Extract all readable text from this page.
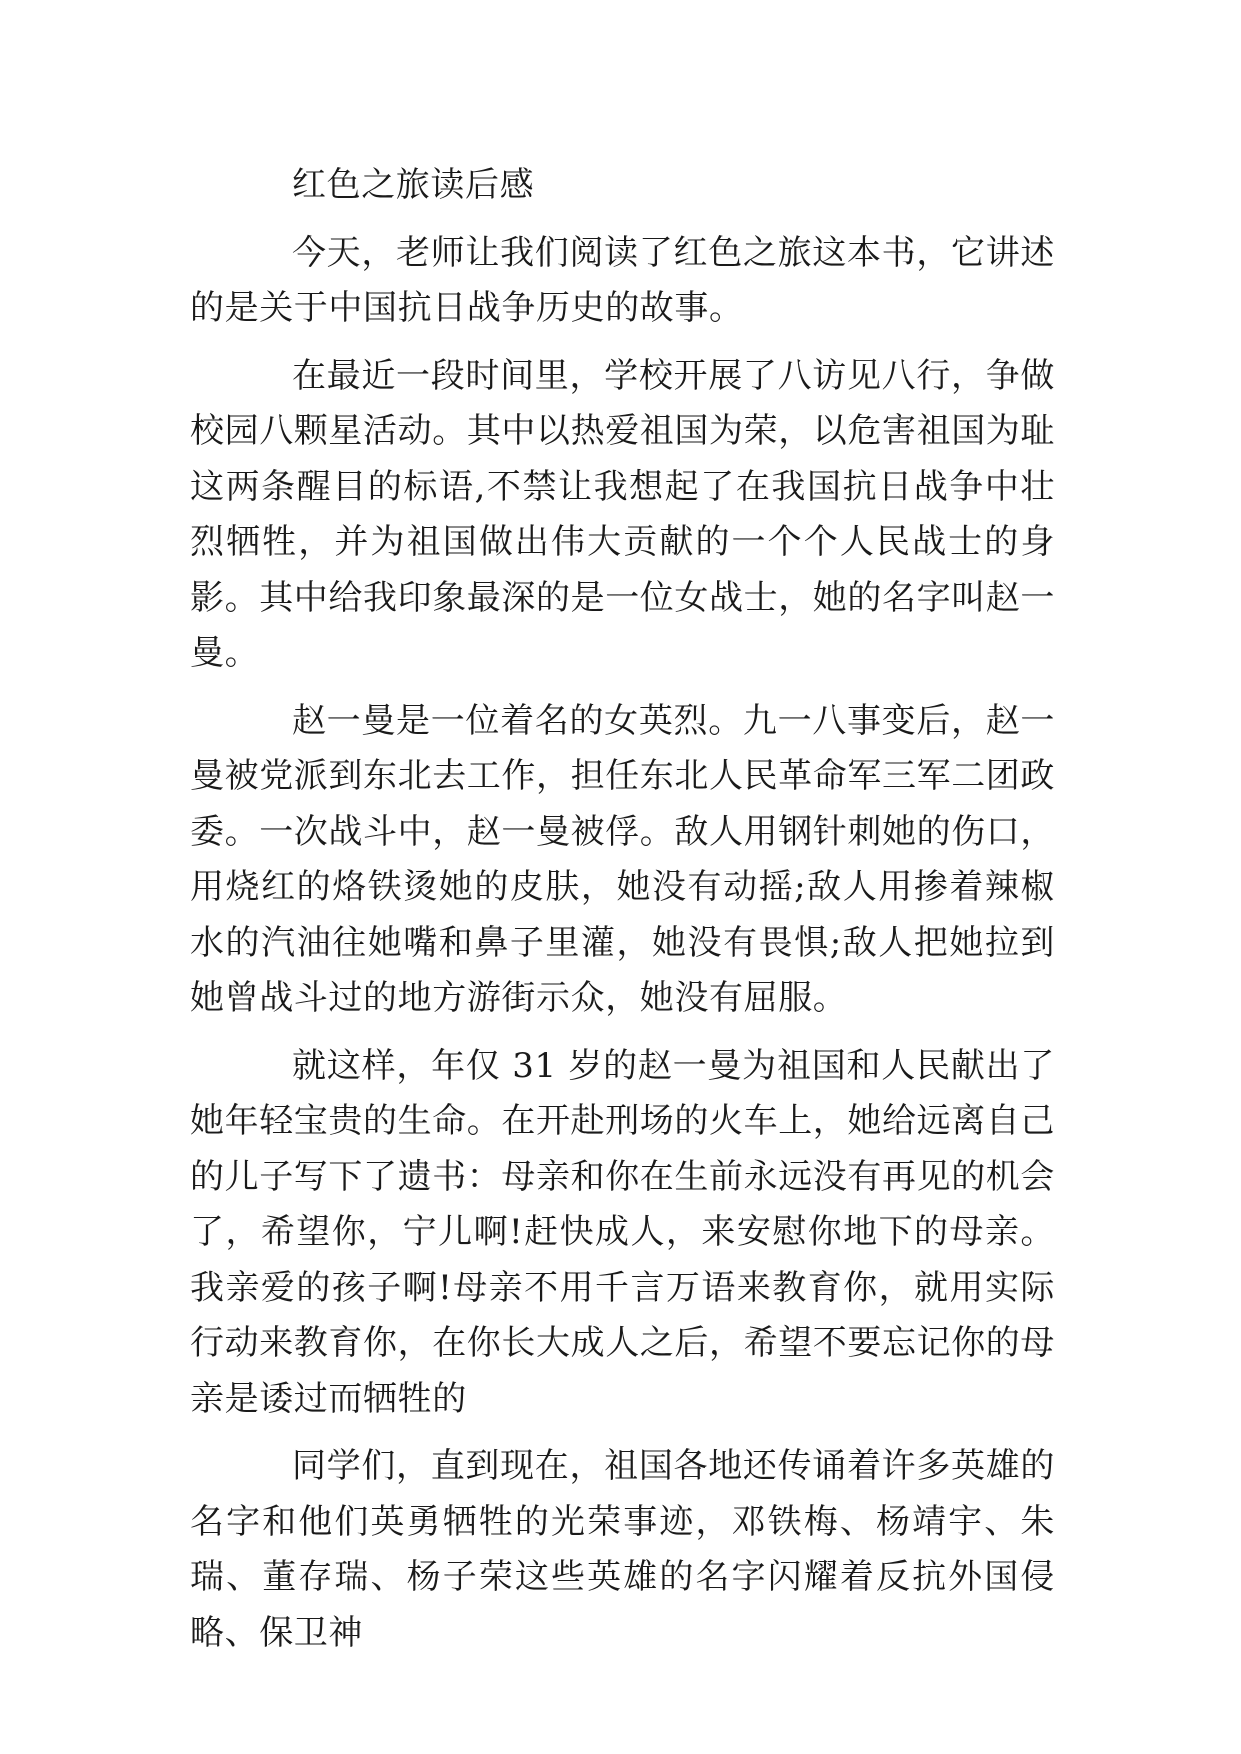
红色之旅读后感

今天，老师让我们阅读了红色之旅这本书，它讲述的是关于中国抗日战争历史的故事。

在最近一段时间里，学校开展了八访见八行，争做校园八颗星活动。其中以热爱祖国为荣，以危害祖国为耻这两条醒目的标语,不禁让我想起了在我国抗日战争中壮烈牺牲，并为祖国做出伟大贡献的一个个人民战士的身影。其中给我印象最深的是一位女战士，她的名字叫赵一曼。

赵一曼是一位着名的女英烈。九一八事变后，赵一曼被党派到东北去工作，担任东北人民革命军三军二团政委。一次战斗中，赵一曼被俘。敌人用钢针刺她的伤口，用烧红的烙铁烫她的皮肤，她没有动摇;敌人用掺着辣椒水的汽油往她嘴和鼻子里灌，她没有畏惧;敌人把她拉到她曾战斗过的地方游街示众，她没有屈服。

就这样，年仅 31 岁的赵一曼为祖国和人民献出了她年轻宝贵的生命。在开赴刑场的火车上，她给远离自己的儿子写下了遗书：母亲和你在生前永远没有再见的机会了，希望你，宁儿啊!赶快成人，来安慰你地下的母亲。我亲爱的孩子啊!母亲不用千言万语来教育你，就用实际行动来教育你，在你长大成人之后，希望不要忘记你的母亲是诿过而牺牲的

同学们，直到现在，祖国各地还传诵着许多英雄的名字和他们英勇牺牲的光荣事迹，邓铁梅、杨靖宇、朱瑞、董存瑞、杨子荣这些英雄的名字闪耀着反抗外国侵略、保卫神
